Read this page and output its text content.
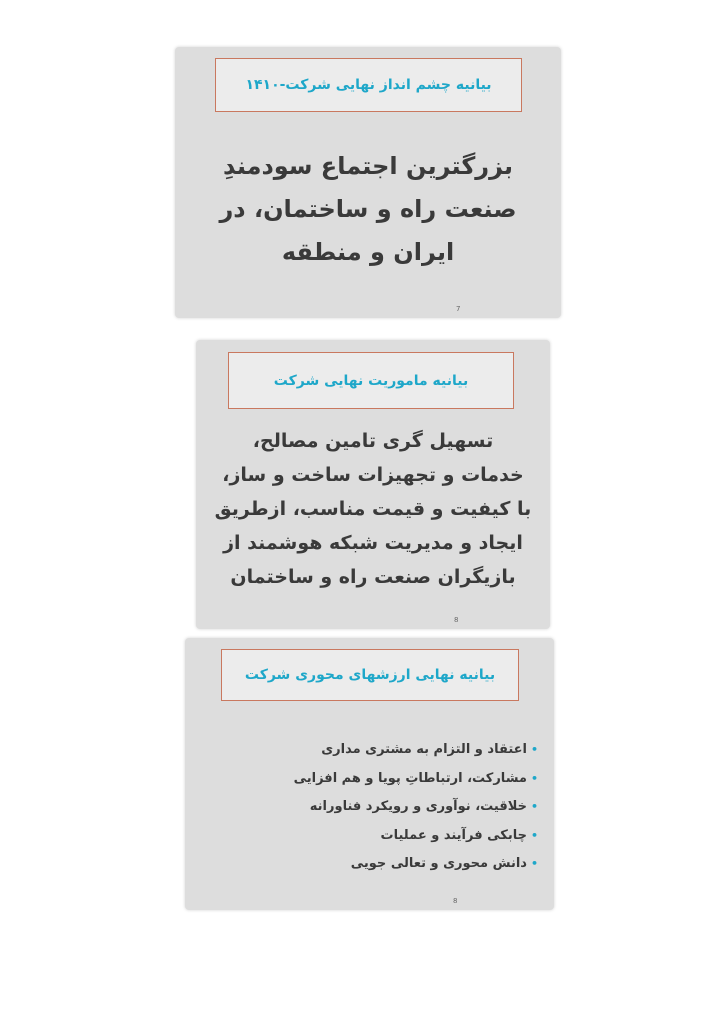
بیانیه چشم انداز نهایی شرکت-۱۴۱۰
بزرگترین اجتماع سودمندِ
صنعت راه و ساختمان، در
ایران و منطقه
7
بیانیه ماموریت نهایی شرکت
تسهیل گری تامین مصالح،
خدمات و تجهیزات ساخت و ساز،
با کیفیت و قیمت مناسب، ازطریق
ایجاد و مدیریت شبکه هوشمند از
بازیگران صنعت راه و ساختمان
8
بیانیه نهایی ارزشهای محوری شرکت
•اعتقاد و التزام به مشتری مداری
•مشارکت، ارتباطاتِ پویا و هم افزایی
•خلاقیت، نوآوری و رویکرد فناورانه
•چابکی فرآیند و عملیات
•دانش محوری و تعالی جویی
8
